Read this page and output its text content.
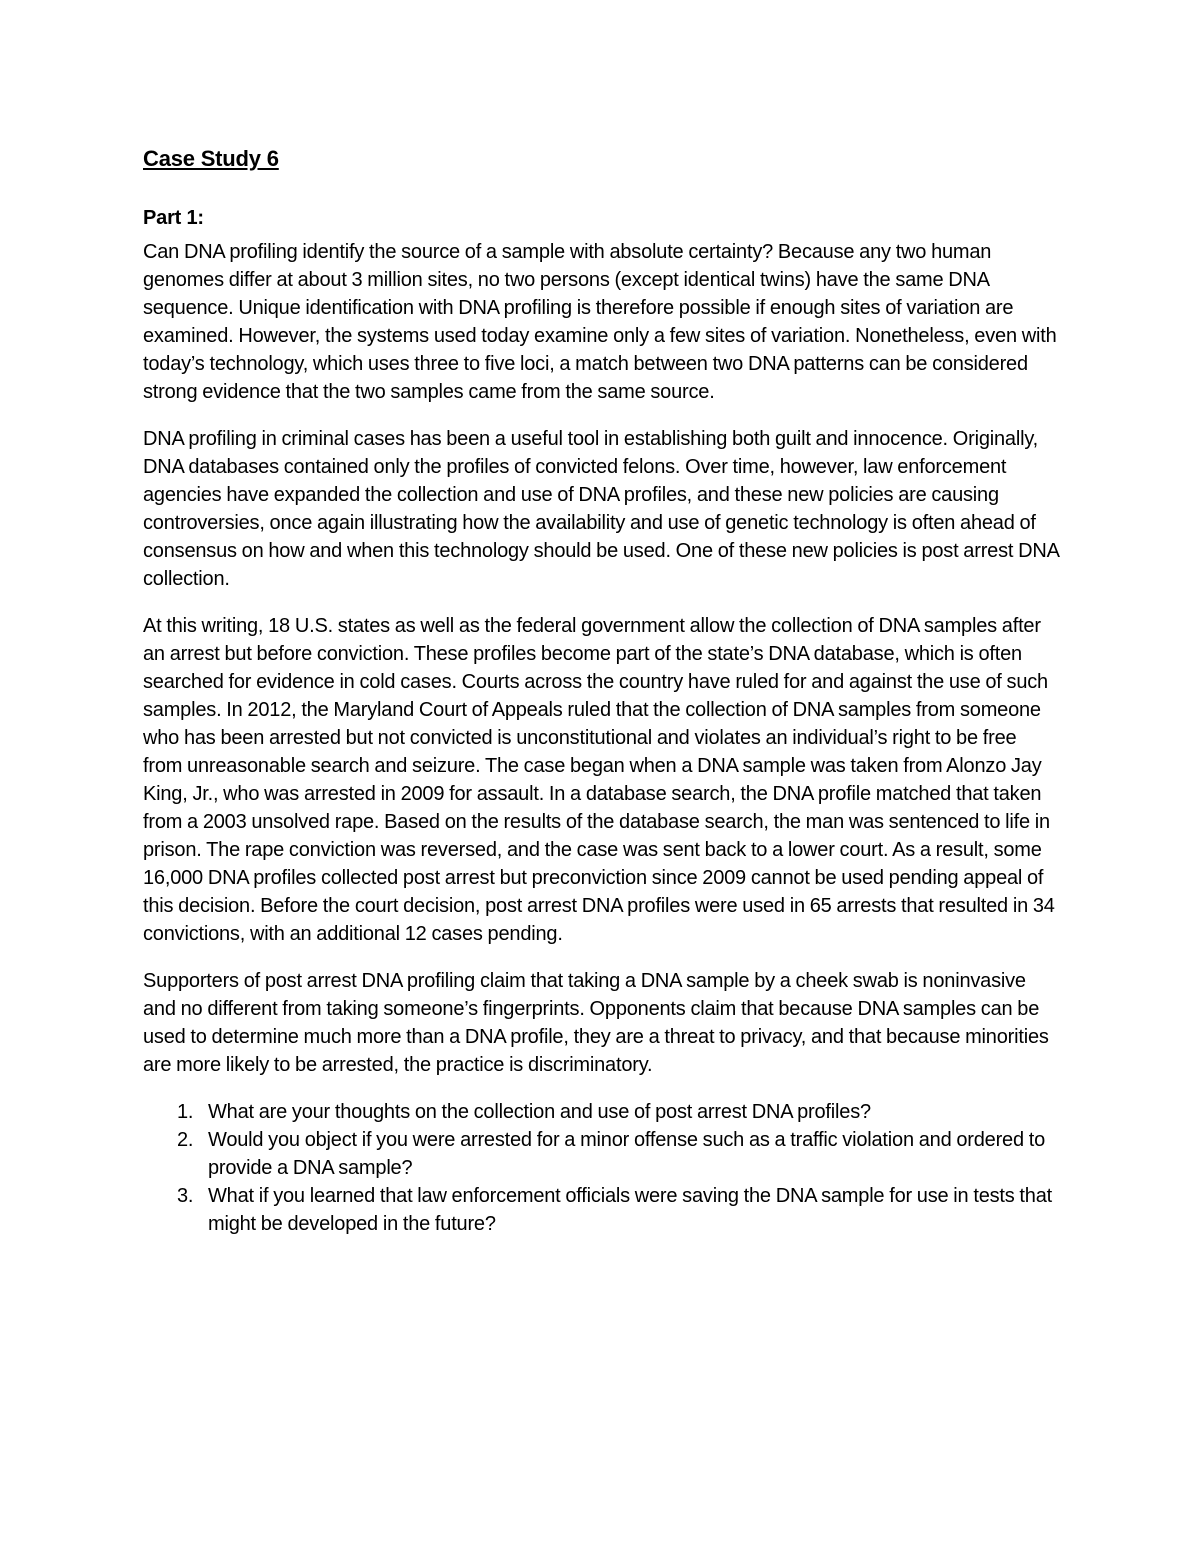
Case Study 6
Part 1:

Can DNA profiling identify the source of a sample with absolute certainty? Because any two human genomes differ at about 3 million sites, no two persons (except identical twins) have the same DNA sequence. Unique identification with DNA profiling is therefore possible if enough sites of variation are examined. However, the systems used today examine only a few sites of variation. Nonetheless, even with today’s technology, which uses three to five loci, a match between two DNA patterns can be considered strong evidence that the two samples came from the same source.

DNA profiling in criminal cases has been a useful tool in establishing both guilt and innocence. Originally, DNA databases contained only the profiles of convicted felons. Over time, however, law enforcement agencies have expanded the collection and use of DNA profiles, and these new policies are causing controversies, once again illustrating how the availability and use of genetic technology is often ahead of consensus on how and when this technology should be used. One of these new policies is post arrest DNA collection.

At this writing, 18 U.S. states as well as the federal government allow the collection of DNA samples after an arrest but before conviction. These profiles become part of the state’s DNA database, which is often searched for evidence in cold cases. Courts across the country have ruled for and against the use of such samples. In 2012, the Maryland Court of Appeals ruled that the collection of DNA samples from someone who has been arrested but not convicted is unconstitutional and violates an individual’s right to be free from unreasonable search and seizure. The case began when a DNA sample was taken from Alonzo Jay King, Jr., who was arrested in 2009 for assault. In a database search, the DNA profile matched that taken from a 2003 unsolved rape. Based on the results of the database search, the man was sentenced to life in prison. The rape conviction was reversed, and the case was sent back to a lower court. As a result, some 16,000 DNA profiles collected post arrest but preconviction since 2009 cannot be used pending appeal of this decision. Before the court decision, post arrest DNA profiles were used in 65 arrests that resulted in 34 convictions, with an additional 12 cases pending.

Supporters of post arrest DNA profiling claim that taking a DNA sample by a cheek swab is noninvasive and no different from taking someone’s fingerprints. Opponents claim that because DNA samples can be used to determine much more than a DNA profile, they are a threat to privacy, and that because minorities are more likely to be arrested, the practice is discriminatory.

1. What are your thoughts on the collection and use of post arrest DNA profiles?
2. Would you object if you were arrested for a minor offense such as a traffic violation and ordered to provide a DNA sample?
3. What if you learned that law enforcement officials were saving the DNA sample for use in tests that might be developed in the future?
